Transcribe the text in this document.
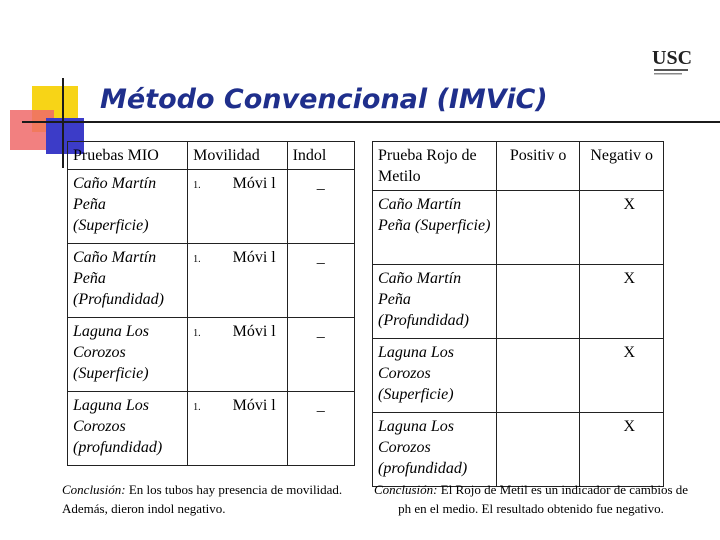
Método Convencional (IMViC)
USC
Pruebas MIO	Movilidad	Indol
Caño Martín Peña (Superficie)	1. Móvi l	_
Caño Martín Peña (Profundidad)	1. Móvi l	_
Laguna Los Corozos (Superficie)	1. Móvi l	_
Laguna Los Corozos (profundidad)	1. Móvi l	_
Prueba Rojo de Metilo	Positiv o	Negativ o
Caño Martín Peña (Superficie)		X
Caño Martín Peña (Profundidad)		X
Laguna Los Corozos (Superficie)		X
Laguna Los Corozos (profundidad)		X
Conclusión: En los tubos hay presencia de movilidad. Además, dieron indol negativo.
Conclusión: El Rojo de Metil es un indicador de cambios de ph en el medio. El resultado obtenido fue negativo.
